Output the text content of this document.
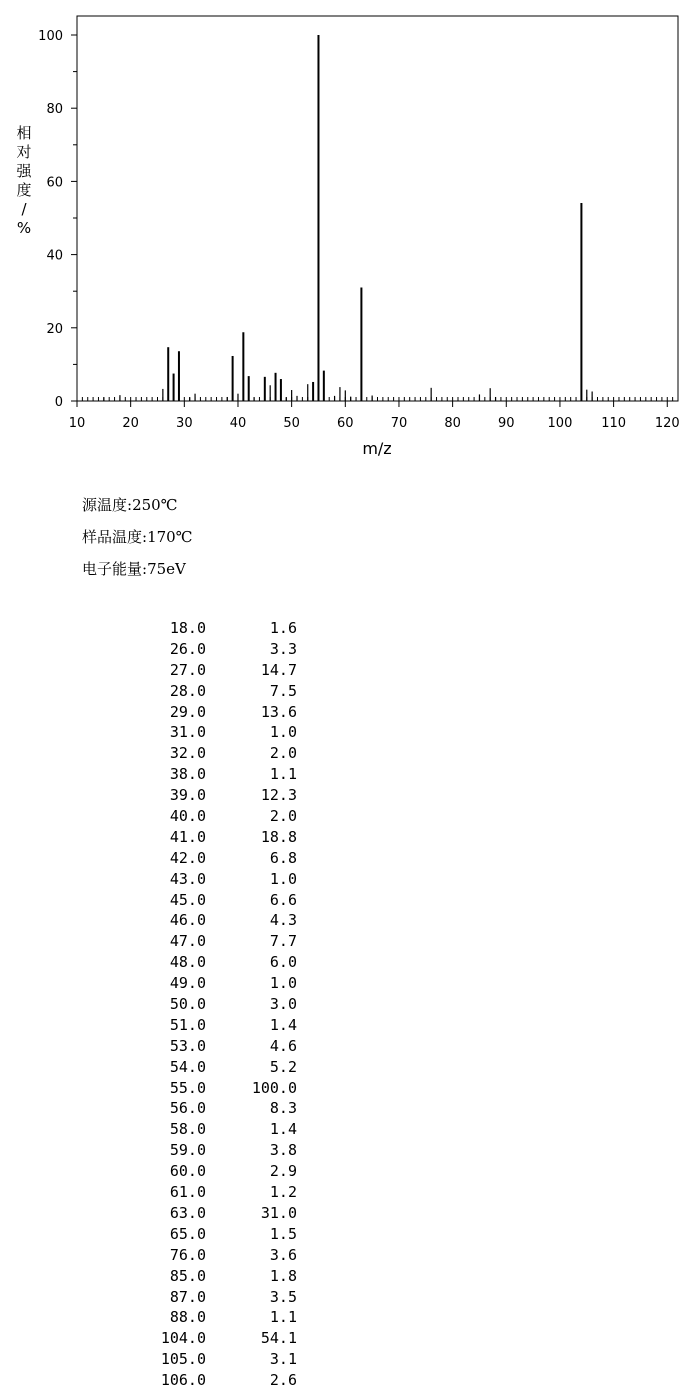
10	20	30	40	50	60	70	80	90	100 110 120
0
20
40
60
80
100
m/z
相对强度/ %
源温度:250℃
样品温度:170℃
电子能量:75eV
18.0	1.6
26.0	3.3
27.0	14.7
28.0	7.5
29.0	13.6
31.0	1.0
32.0	2.0
38.0	1.1
39.0	12.3
40.0	2.0
41.0	18.8
42.0	6.8
43.0	1.0
45.0	6.6
46.0	4.3
47.0	7.7
48.0	6.0
49.0	1.0
50.0	3.0
51.0	1.4
53.0	4.6
54.0	5.2
55.0	100.0
56.0	8.3
58.0	1.4
59.0	3.8
60.0	2.9
61.0	1.2
63.0	31.0
65.0	1.5
76.0	3.6
85.0	1.8
87.0	3.5
88.0	1.1
104.0	54.1
105.0	3.1
106.0	2.6
